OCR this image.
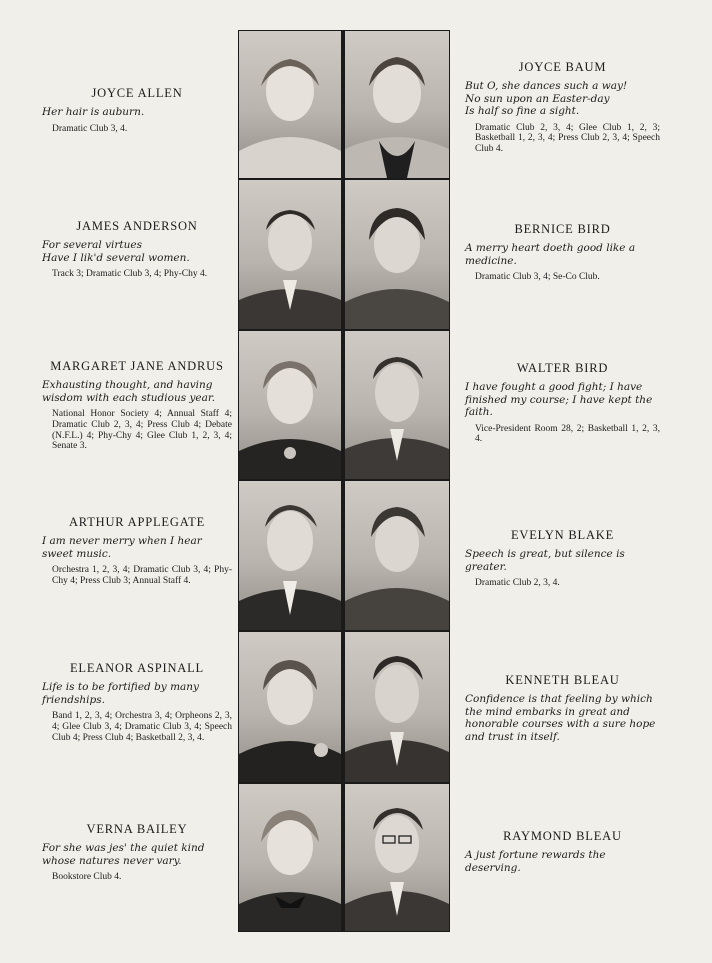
JOYCE ALLEN
Her hair is auburn.
Dramatic Club 3, 4.
JAMES ANDERSON
For several virtues
Have I lik'd several women.
Track 3; Dramatic Club 3, 4; Phy-Chy 4.
MARGARET JANE ANDRUS
Exhausting thought, and having wisdom with each studious year.
National Honor Society 4; Annual Staff 4; Dramatic Club 2, 3, 4; Press Club 4; Debate (N.F.L.) 4; Phy-Chy 4; Glee Club 1, 2, 3, 4; Senate 3.
ARTHUR APPLEGATE
I am never merry when I hear sweet music.
Orchestra 1, 2, 3, 4; Dramatic Club 3, 4; Phy-Chy 4; Press Club 3; Annual Staff 4.
ELEANOR ASPINALL
Life is to be fortified by many friendships.
Band 1, 2, 3, 4; Orchestra 3, 4; Orpheons 2, 3, 4; Glee Club 3, 4; Dramatic Club 3, 4; Speech Club 4; Press Club 4; Basketball 2, 3, 4.
VERNA BAILEY
For she was jes' the quiet kind whose natures never vary.
Bookstore Club 4.
JOYCE BAUM
But O, she dances such a way!
No sun upon an Easter-day
Is half so fine a sight.
Dramatic Club 2, 3, 4; Glee Club 1, 2, 3; Basketball 1, 2, 3, 4; Press Club 2, 3, 4; Speech Club 4.
BERNICE BIRD
A merry heart doeth good like a medicine.
Dramatic Club 3, 4; Se-Co Club.
WALTER BIRD
I have fought a good fight; I have finished my course; I have kept the faith.
Vice-President Room 28, 2; Basketball 1, 2, 3, 4.
EVELYN BLAKE
Speech is great, but silence is greater.
Dramatic Club 2, 3, 4.
KENNETH BLEAU
Confidence is that feeling by which the mind embarks in great and honorable courses with a sure hope and trust in itself.
RAYMOND BLEAU
A just fortune rewards the deserving.
